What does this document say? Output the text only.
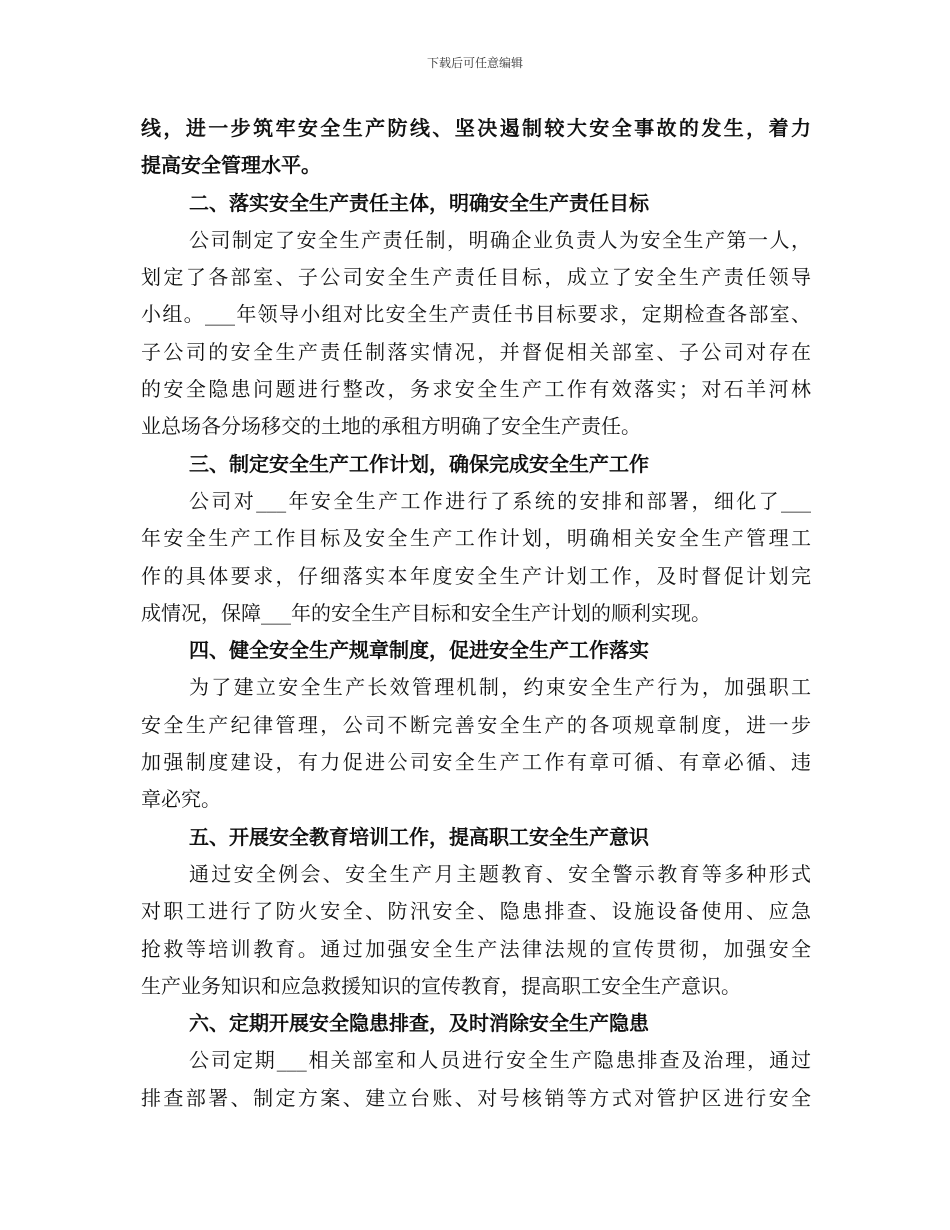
下载后可任意编辑
线，进一步筑牢安全生产防线、坚决遏制较大安全事故的发生，着力
提高安全管理水平。
二、落实安全生产责任主体，明确安全生产责任目标
公司制定了安全生产责任制，明确企业负责人为安全生产第一人，
划定了各部室、子公司安全生产责任目标，成立了安全生产责任领导
小组。___年领导小组对比安全生产责任书目标要求，定期检查各部室、
子公司的安全生产责任制落实情况，并督促相关部室、子公司对存在
的安全隐患问题进行整改，务求安全生产工作有效落实；对石羊河林
业总场各分场移交的土地的承租方明确了安全生产责任。
三、制定安全生产工作计划，确保完成安全生产工作
公司对___年安全生产工作进行了系统的安排和部署，细化了___
年安全生产工作目标及安全生产工作计划，明确相关安全生产管理工
作的具体要求，仔细落实本年度安全生产计划工作，及时督促计划完
成情况，保障___年的安全生产目标和安全生产计划的顺利实现。
四、健全安全生产规章制度，促进安全生产工作落实
为了建立安全生产长效管理机制，约束安全生产行为，加强职工
安全生产纪律管理，公司不断完善安全生产的各项规章制度，进一步
加强制度建设，有力促进公司安全生产工作有章可循、有章必循、违
章必究。
五、开展安全教育培训工作，提高职工安全生产意识
通过安全例会、安全生产月主题教育、安全警示教育等多种形式
对职工进行了防火安全、防汛安全、隐患排查、设施设备使用、应急
抢救等培训教育。通过加强安全生产法律法规的宣传贯彻，加强安全
生产业务知识和应急救援知识的宣传教育，提高职工安全生产意识。
六、定期开展安全隐患排查，及时消除安全生产隐患
公司定期___相关部室和人员进行安全生产隐患排查及治理，通过
排查部署、制定方案、建立台账、对号核销等方式对管护区进行安全
